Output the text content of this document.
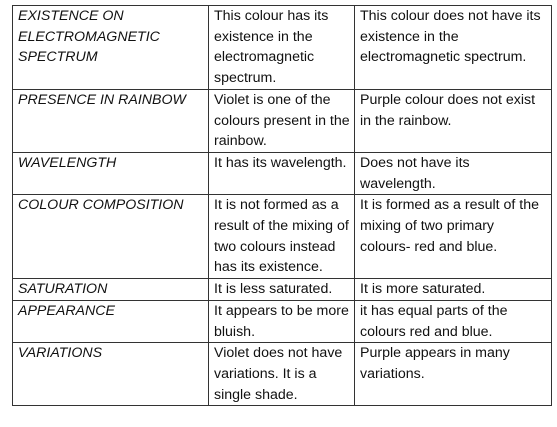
EXISTENCE ON ELECTROMAGNETIC SPECTRUM	This colour has its existence in the electromagnetic spectrum.	This colour does not have its existence in the electromagnetic spectrum.
PRESENCE IN RAINBOW	Violet is one of the colours present in the rainbow.	Purple colour does not exist in the rainbow.
WAVELENGTH	It has its wavelength.	Does not have its wavelength.
COLOUR COMPOSITION	It is not formed as a result of the mixing of two colours instead has its existence.	It is formed as a result of the mixing of two primary colours- red and blue.
SATURATION	It is less saturated.	It is more saturated.
APPEARANCE	It appears to be more bluish.	it has equal parts of the colours red and blue.
VARIATIONS	Violet does not have variations. It is a single shade.	Purple appears in many variations.
